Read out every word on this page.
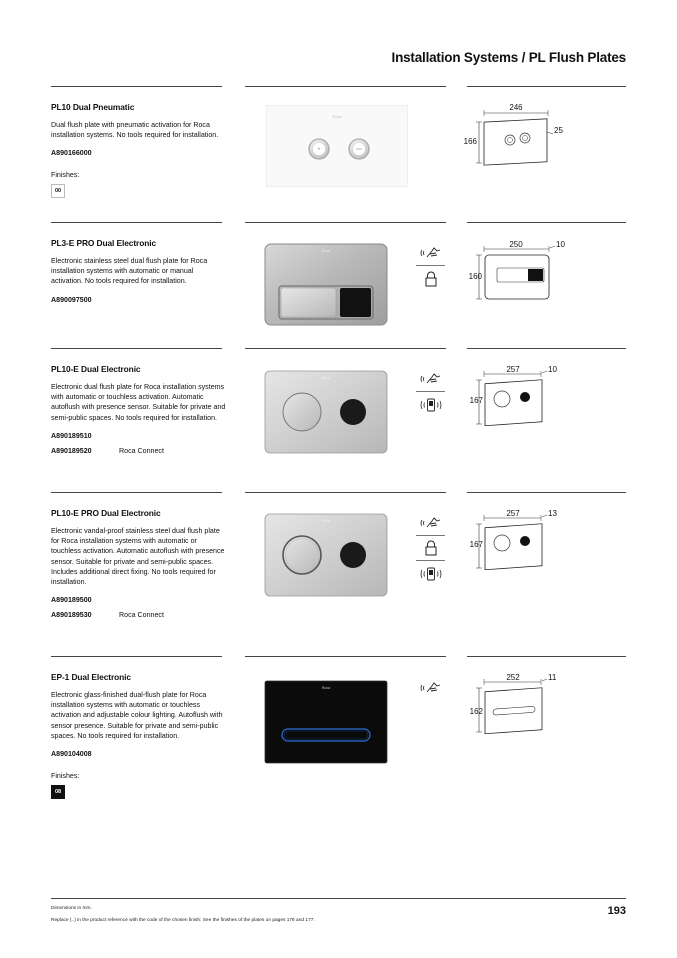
Installation Systems / PL Flush Plates
PL10 Dual Pneumatic
Dual flush plate with pneumatic activation for Roca installation systems. No tools required for installation.
A890166000
Finishes:
00
Roca
+
246
166
25
PL3-E PRO Dual Electronic
Electronic stainless steel dual flush plate for Roca installation systems with automatic or manual activation. No tools required for installation.
A890097500
Roca
250	10
160
PL10-E Dual Electronic
Electronic dual flush plate for Roca installation systems with automatic or touchless activation. Automatic autoflush with presence sensor. Suitable for private and semi-public spaces. No tools required for installation.
A890189510
A890189520	Roca Connect
Roca
257	10
167
PL10-E PRO Dual Electronic
Electronic vandal-proof stainless steel dual flush plate for Roca installation systems with automatic or touchless activation. Automatic autoflush with presence sensor. Suitable for private and semi-public spaces. Includes additional direct fixing. No tools required for installation.
A890189500
A890189530	Roca Connect
Roca
257	13
167
EP-1 Dual Electronic
Electronic glass-finished dual-flush plate for Roca installation systems with automatic or touchless activation and adjustable colour lighting. Autoflush with sensor presence. Suitable for private and semi-public spaces. No tools required for installation.
A890104008
Finishes:
08
Roca
252	11
162
Dimensions in mm.
Replace (..) in the product reference with the code of the chosen finish: See the finishes of the plates on pages 176 and 177.
193
